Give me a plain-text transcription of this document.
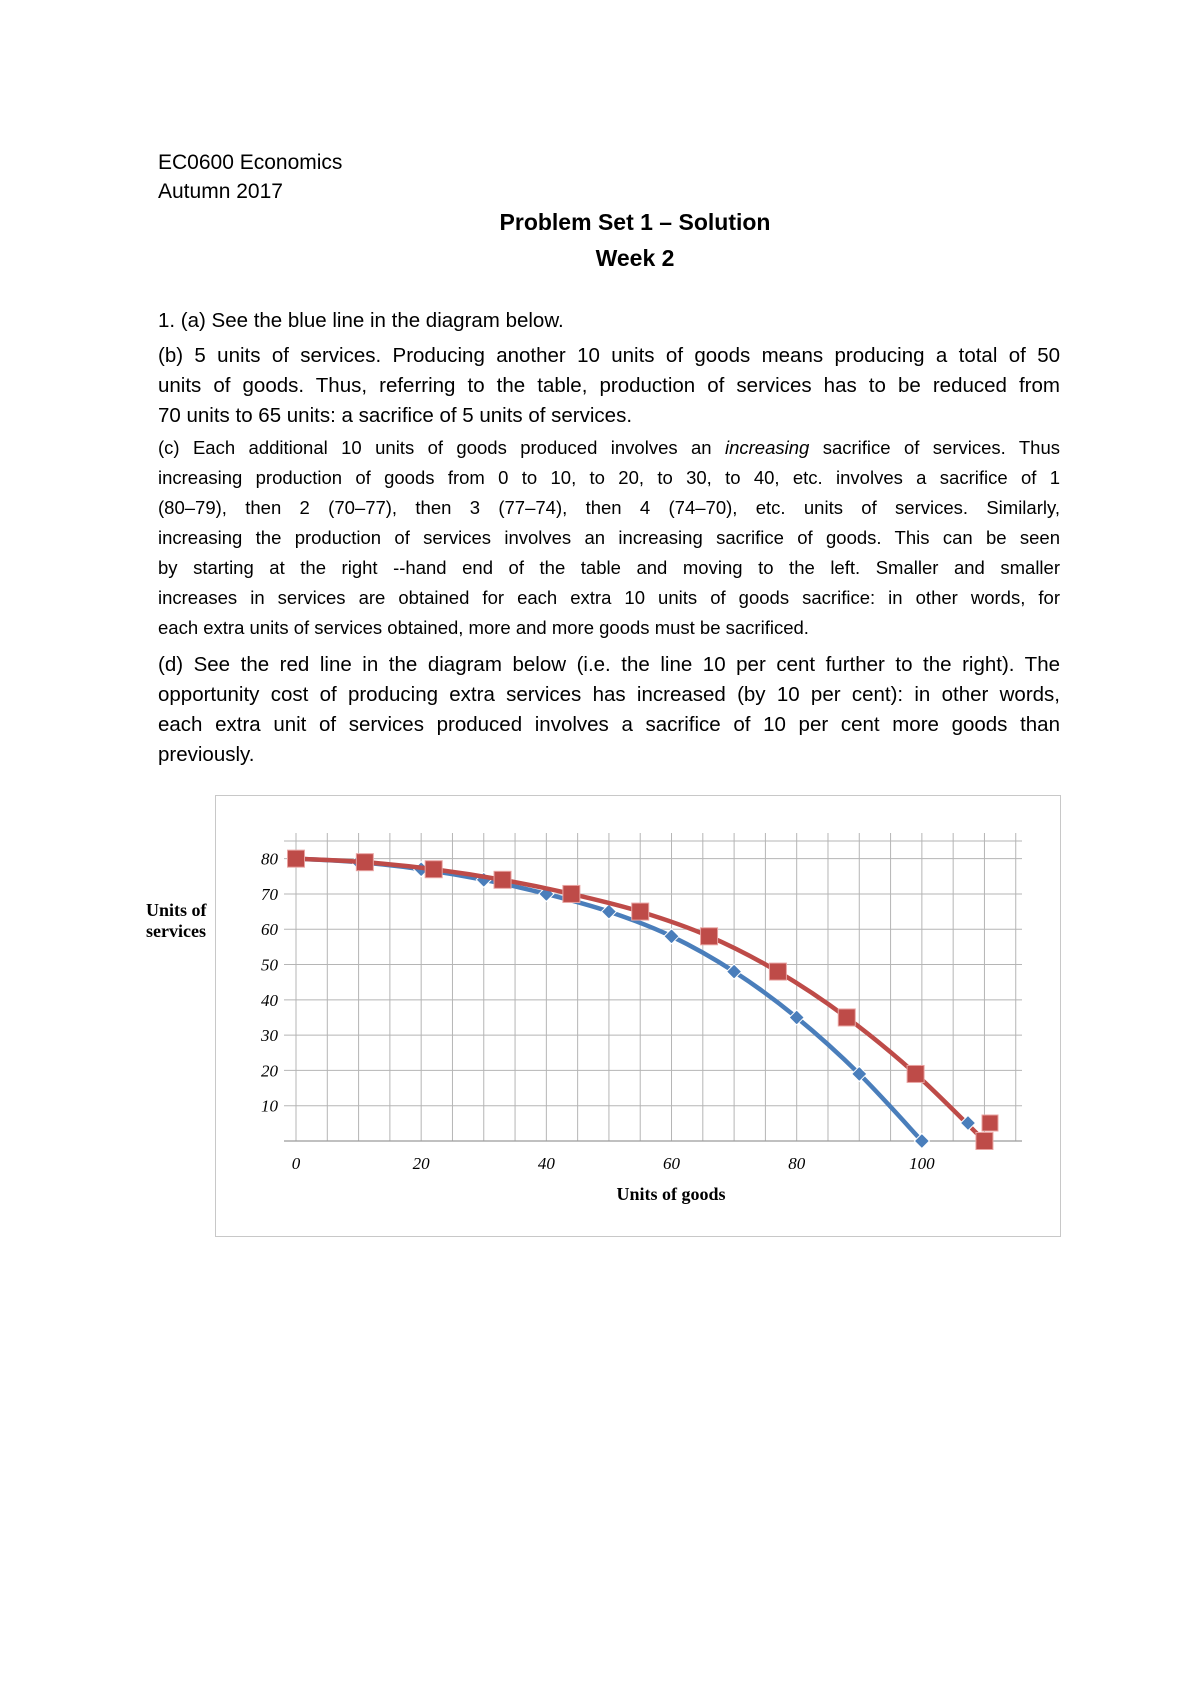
EC0600 Economics
Autumn 2017
Problem Set 1 – Solution
Week 2
1. (a) See the blue line in the diagram below.
(b) 5 units of services. Producing another 10 units of goods means producing a total of 50
units of goods. Thus, referring to the table, production of services has to be reduced from
70 units to 65 units: a sacrifice of 5 units of services.
(c) Each additional 10 units of goods produced involves an increasing sacrifice of services. Thus
increasing production of goods from 0 to 10, to 20, to 30, to 40, etc. involves a sacrifice of 1
(80–79), then 2 (70–77), then 3 (77–74), then 4 (74–70), etc. units of services. Similarly,
increasing the production of services involves an increasing sacrifice of goods. This can be seen
by starting at the right --hand end of the table and moving to the left. Smaller and smaller
increases in services are obtained for each extra 10 units of goods sacrifice: in other words, for
each extra units of services obtained, more and more goods must be sacrificed.
(d) See the red line in the diagram below (i.e. the line 10 per cent further to the right). The
opportunity cost of producing extra services has increased (by 10 per cent): in other words,
each extra unit of services produced involves a sacrifice of 10 per cent more goods than
previously.
10
20
30
40
50
60
70
80
0	20	40	60	80	100
Units of
services
Units of goods
